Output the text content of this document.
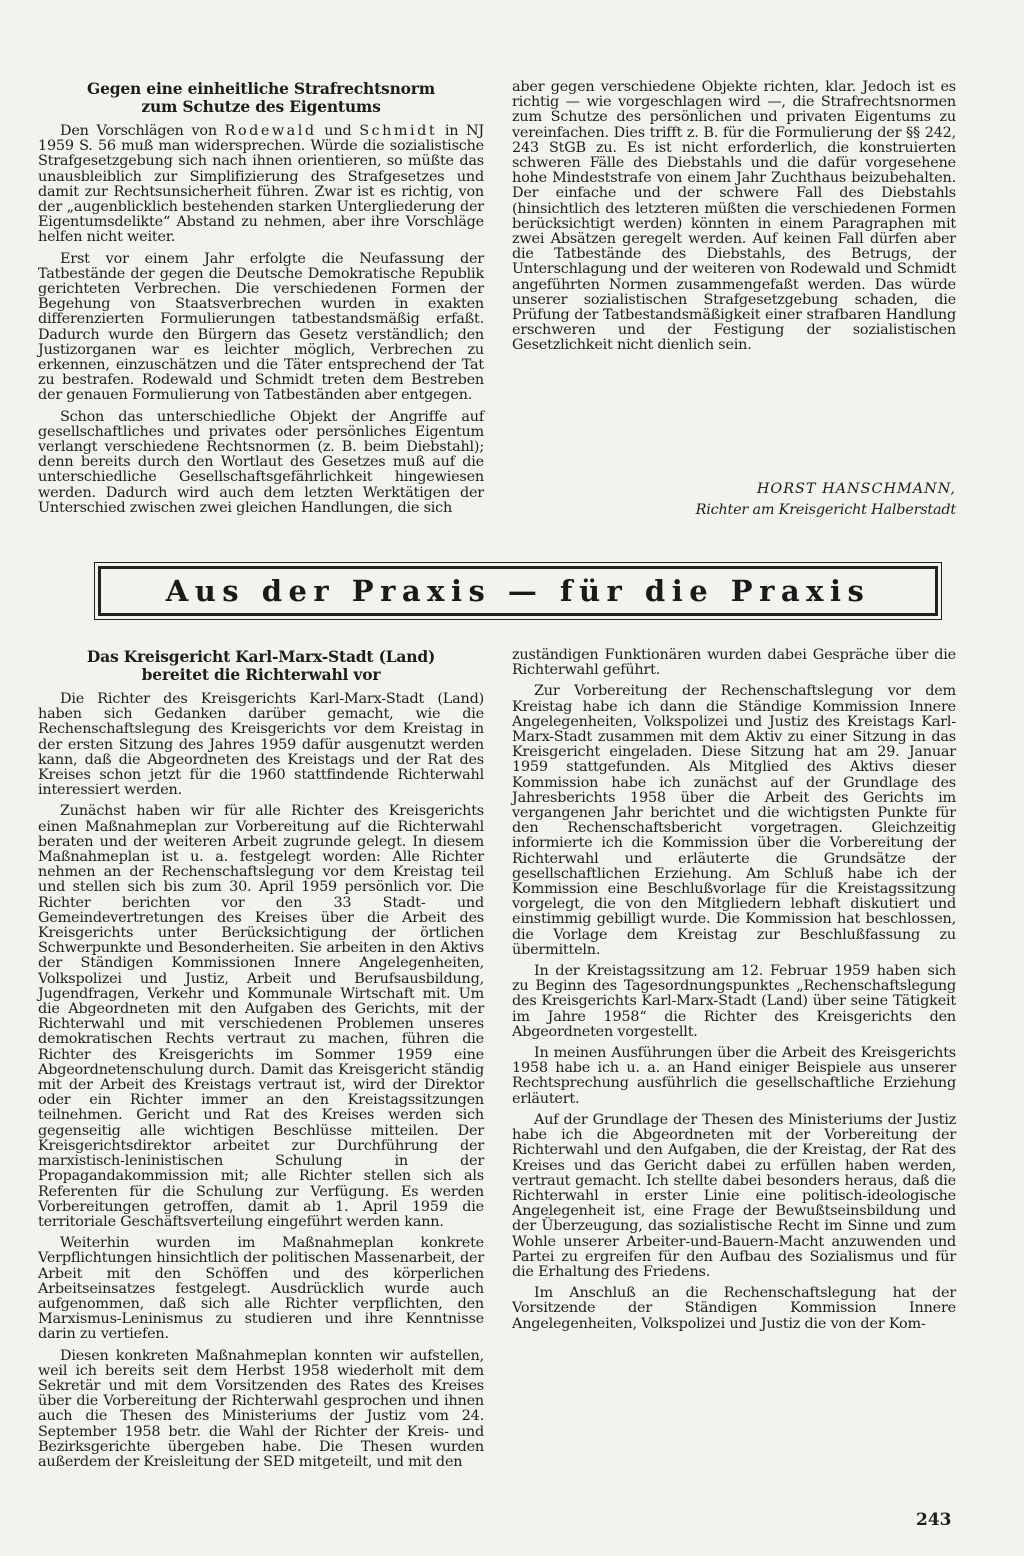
Gegen eine einheitliche Strafrechtsnorm
zum Schutze des Eigentums

Den Vorschlägen von Rodewald und Schmidt in NJ 1959 S. 56 muß man widersprechen. Würde die sozialistische Strafgesetzgebung sich nach ihnen orientieren, so müßte das unausbleiblich zur Simplifizierung des Strafgesetzes und damit zur Rechtsunsicherheit führen. Zwar ist es richtig, von der „augenblicklich bestehenden starken Untergliederung der Eigentumsdelikte“ Abstand zu nehmen, aber ihre Vorschläge helfen nicht weiter.

Erst vor einem Jahr erfolgte die Neufassung der Tatbestände der gegen die Deutsche Demokratische Republik gerichteten Verbrechen. Die verschiedenen Formen der Begehung von Staatsverbrechen wurden in exakten differenzierten Formulierungen tatbestandsmäßig erfaßt. Dadurch wurde den Bürgern das Gesetz verständlich; den Justizorganen war es leichter möglich, Verbrechen zu erkennen, einzuschätzen und die Täter entsprechend der Tat zu bestrafen. Rodewald und Schmidt treten dem Bestreben der genauen Formulierung von Tatbeständen aber entgegen.

Schon das unterschiedliche Objekt der Angriffe auf gesellschaftliches und privates oder persönliches Eigentum verlangt verschiedene Rechtsnormen (z. B. beim Diebstahl); denn bereits durch den Wortlaut des Gesetzes muß auf die unterschiedliche Gesellschaftsgefährlichkeit hingewiesen werden. Dadurch wird auch dem letzten Werktätigen der Unterschied zwischen zwei gleichen Handlungen, die sich

HORST HANSCHMANN,

Richter am Kreisgericht Halberstadt

Aus der Praxis — für die Praxis
Das Kreisgericht Karl-Marx-Stadt (Land)
bereitet die Richterwahl vor

Die Richter des Kreisgerichts Karl-Marx-Stadt (Land) haben sich Gedanken darüber gemacht, wie die Rechenschaftslegung des Kreisgerichts vor dem Kreistag in der ersten Sitzung des Jahres 1959 dafür ausgenutzt werden kann, daß die Abgeordneten des Kreistags und der Rat des Kreises schon jetzt für die 1960 stattfindende Richterwahl interessiert werden.

Zunächst haben wir für alle Richter des Kreisgerichts einen Maßnahmeplan zur Vorbereitung auf die Richterwahl beraten und der weiteren Arbeit zugrunde gelegt. In diesem Maßnahmeplan ist u. a. festgelegt worden: Alle Richter nehmen an der Rechenschaftslegung vor dem Kreistag teil und stellen sich bis zum 30. April 1959 persönlich vor. Die Richter berichten vor den 33 Stadt- und Gemeindevertretungen des Kreises über die Arbeit des Kreisgerichts unter Berücksichtigung der örtlichen Schwerpunkte und Besonderheiten. Sie arbeiten in den Aktivs der Ständigen Kommissionen Innere Angelegenheiten, Volkspolizei und Justiz, Arbeit und Berufsausbildung, Jugendfragen, Verkehr und Kommunale Wirtschaft mit. Um die Abgeordneten mit den Aufgaben des Gerichts, mit der Richterwahl und mit verschiedenen Problemen unseres demokratischen Rechts vertraut zu machen, führen die Richter des Kreisgerichts im Sommer 1959 eine Abgeordnetenschulung durch. Damit das Kreisgericht ständig mit der Arbeit des Kreistags vertraut ist, wird der Direktor oder ein Richter immer an den Kreistagssitzungen teilnehmen. Gericht und Rat des Kreises werden sich gegenseitig alle wichtigen Beschlüsse mitteilen. Der Kreisgerichtsdirektor arbeitet zur Durchführung der marxistisch-leninistischen Schulung in der Propagandakommission mit; alle Richter stellen sich als Referenten für die Schulung zur Verfügung. Es werden Vorbereitungen getroffen, damit ab 1. April 1959 die territoriale Geschäftsverteilung eingeführt werden kann.

Weiterhin wurden im Maßnahmeplan konkrete Verpflichtungen hinsichtlich der politischen Massenarbeit, der Arbeit mit den Schöffen und des körperlichen Arbeitseinsatzes festgelegt. Ausdrücklich wurde auch aufgenommen, daß sich alle Richter verpflichten, den Marxismus-Leninismus zu studieren und ihre Kenntnisse darin zu vertiefen.

Diesen konkreten Maßnahmeplan konnten wir aufstellen, weil ich bereits seit dem Herbst 1958 wiederholt mit dem Sekretär und mit dem Vorsitzenden des Rates des Kreises über die Vorbereitung der Richterwahl gesprochen und ihnen auch die Thesen des Ministeriums der Justiz vom 24. September 1958 betr. die Wahl der Richter der Kreis- und Bezirksgerichte übergeben habe. Die Thesen wurden außerdem der Kreisleitung der SED mitgeteilt, und mit den

zuständigen Funktionären wurden dabei Gespräche über die Richterwahl geführt.

Zur Vorbereitung der Rechenschaftslegung vor dem Kreistag habe ich dann die Ständige Kommission Innere Angelegenheiten, Volkspolizei und Justiz des Kreistags Karl-Marx-Stadt zusammen mit dem Aktiv zu einer Sitzung in das Kreisgericht eingeladen. Diese Sitzung hat am 29. Januar 1959 stattgefunden. Als Mitglied des Aktivs dieser Kommission habe ich zunächst auf der Grundlage des Jahresberichts 1958 über die Arbeit des Gerichts im vergangenen Jahr berichtet und die wichtigsten Punkte für den Rechenschaftsbericht vorgetragen. Gleichzeitig informierte ich die Kommission über die Vorbereitung der Richterwahl und erläuterte die Grundsätze der gesellschaftlichen Erziehung. Am Schluß habe ich der Kommission eine Beschlußvorlage für die Kreistagssitzung vorgelegt, die von den Mitgliedern lebhaft diskutiert und einstimmig gebilligt wurde. Die Kommission hat beschlossen, die Vorlage dem Kreistag zur Beschlußfassung zu übermitteln.

In der Kreistagssitzung am 12. Februar 1959 haben sich zu Beginn des Tagesordnungspunktes „Rechenschaftslegung des Kreisgerichts Karl-Marx-Stadt (Land) über seine Tätigkeit im Jahre 1958“ die Richter des Kreisgerichts den Abgeordneten vorgestellt.

In meinen Ausführungen über die Arbeit des Kreisgerichts 1958 habe ich u. a. an Hand einiger Beispiele aus unserer Rechtsprechung ausführlich die gesellschaftliche Erziehung erläutert.

Auf der Grundlage der Thesen des Ministeriums der Justiz habe ich die Abgeordneten mit der Vorbereitung der Richterwahl und den Aufgaben, die der Kreistag, der Rat des Kreises und das Gericht dabei zu erfüllen haben werden, vertraut gemacht. Ich stellte dabei besonders heraus, daß die Richterwahl in erster Linie eine politisch-ideologische Angelegenheit ist, eine Frage der Bewußtseinsbildung und der Überzeugung, das sozialistische Recht im Sinne und zum Wohle unserer Arbeiter-und-Bauern-Macht anzuwenden und Partei zu ergreifen für den Aufbau des Sozialismus und für die Erhaltung des Friedens.

Im Anschluß an die Rechenschaftslegung hat der Vorsitzende der Ständigen Kommission Innere Angelegenheiten, Volkspolizei und Justiz die von der Kom-

243

aber gegen verschiedene Objekte richten, klar. Jedoch ist es richtig — wie vorgeschlagen wird —, die Strafrechtsnormen zum Schutze des persönlichen und privaten Eigentums zu vereinfachen. Dies trifft z. B. für die Formulierung der §§ 242, 243 StGB zu. Es ist nicht erforderlich, die konstruierten schweren Fälle des Diebstahls und die dafür vorgesehene hohe Mindeststrafe von einem Jahr Zuchthaus beizubehalten. Der einfache und der schwere Fall des Diebstahls (hinsichtlich des letzteren müßten die verschiedenen Formen berücksichtigt werden) könnten in einem Paragraphen mit zwei Absätzen geregelt werden. Auf keinen Fall dürfen aber die Tatbestände des Diebstahls, des Betrugs, der Unterschlagung und der weiteren von Rodewald und Schmidt angeführten Normen zusammengefaßt werden. Das würde unserer sozialistischen Strafgesetzgebung schaden, die Prüfung der Tatbestandsmäßigkeit einer strafbaren Handlung erschweren und der Festigung der sozialistischen Gesetzlichkeit nicht dienlich sein.
